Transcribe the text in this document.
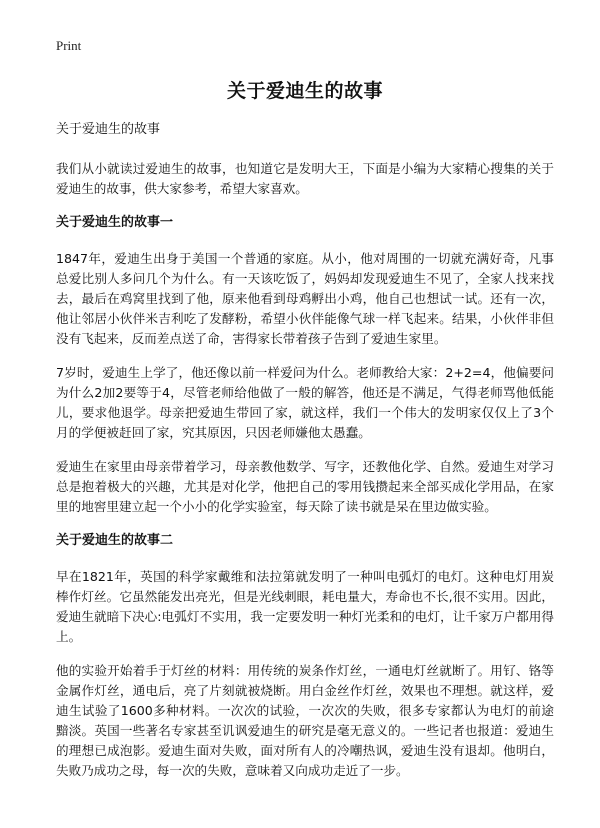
Print
关于爱迪生的故事
关于爱迪生的故事

我们从小就读过爱迪生的故事，也知道它是发明大王，下面是小编为大家精心搜集的关于爱迪生的故事，供大家参考，希望大家喜欢。

关于爱迪生的故事一

1847年，爱迪生出身于美国一个普通的家庭。从小，他对周围的一切就充满好奇，凡事总爱比别人多问几个为什么。有一天该吃饭了，妈妈却发现爱迪生不见了，全家人找来找去，最后在鸡窝里找到了他，原来他看到母鸡孵出小鸡，他自己也想试一试。还有一次，他让邻居小伙伴米吉利吃了发酵粉，希望小伙伴能像气球一样飞起来。结果，小伙伴非但没有飞起来，反而差点送了命，害得家长带着孩子告到了爱迪生家里。

7岁时，爱迪生上学了，他还像以前一样爱问为什么。老师教给大家：2+2=4，他偏要问为什么2加2要等于4，尽管老师给他做了一般的解答，他还是不满足，气得老师骂他低能儿，要求他退学。母亲把爱迪生带回了家，就这样，我们一个伟大的发明家仅仅上了3个月的学便被赶回了家，究其原因，只因老师嫌他太愚蠢。

爱迪生在家里由母亲带着学习，母亲教他数学、写字，还教他化学、自然。爱迪生对学习总是抱着极大的兴趣，尤其是对化学，他把自己的零用钱攒起来全部买成化学用品，在家里的地窖里建立起一个小小的化学实验室，每天除了读书就是呆在里边做实验。

关于爱迪生的故事二

早在1821年，英国的科学家戴维和法拉第就发明了一种叫电弧灯的电灯。这种电灯用炭棒作灯丝。它虽然能发出亮光，但是光线刺眼，耗电量大，寿命也不长,很不实用。因此，爱迪生就暗下决心:电弧灯不实用，我一定要发明一种灯光柔和的电灯，让千家万户都用得上。

他的实验开始着手于灯丝的材料：用传统的炭条作灯丝，一通电灯丝就断了。用钌、铬等金属作灯丝，通电后，亮了片刻就被烧断。用白金丝作灯丝，效果也不理想。就这样，爱迪生试验了1600多种材料。一次次的试验，一次次的失败，很多专家都认为电灯的前途黯淡。英国一些著名专家甚至讥讽爱迪生的研究是毫无意义的。一些记者也报道：爱迪生的理想已成泡影。爱迪生面对失败，面对所有人的冷嘲热讽，爱迪生没有退却。他明白，失败乃成功之母，每一次的失败，意味着又向成功走近了一步。
